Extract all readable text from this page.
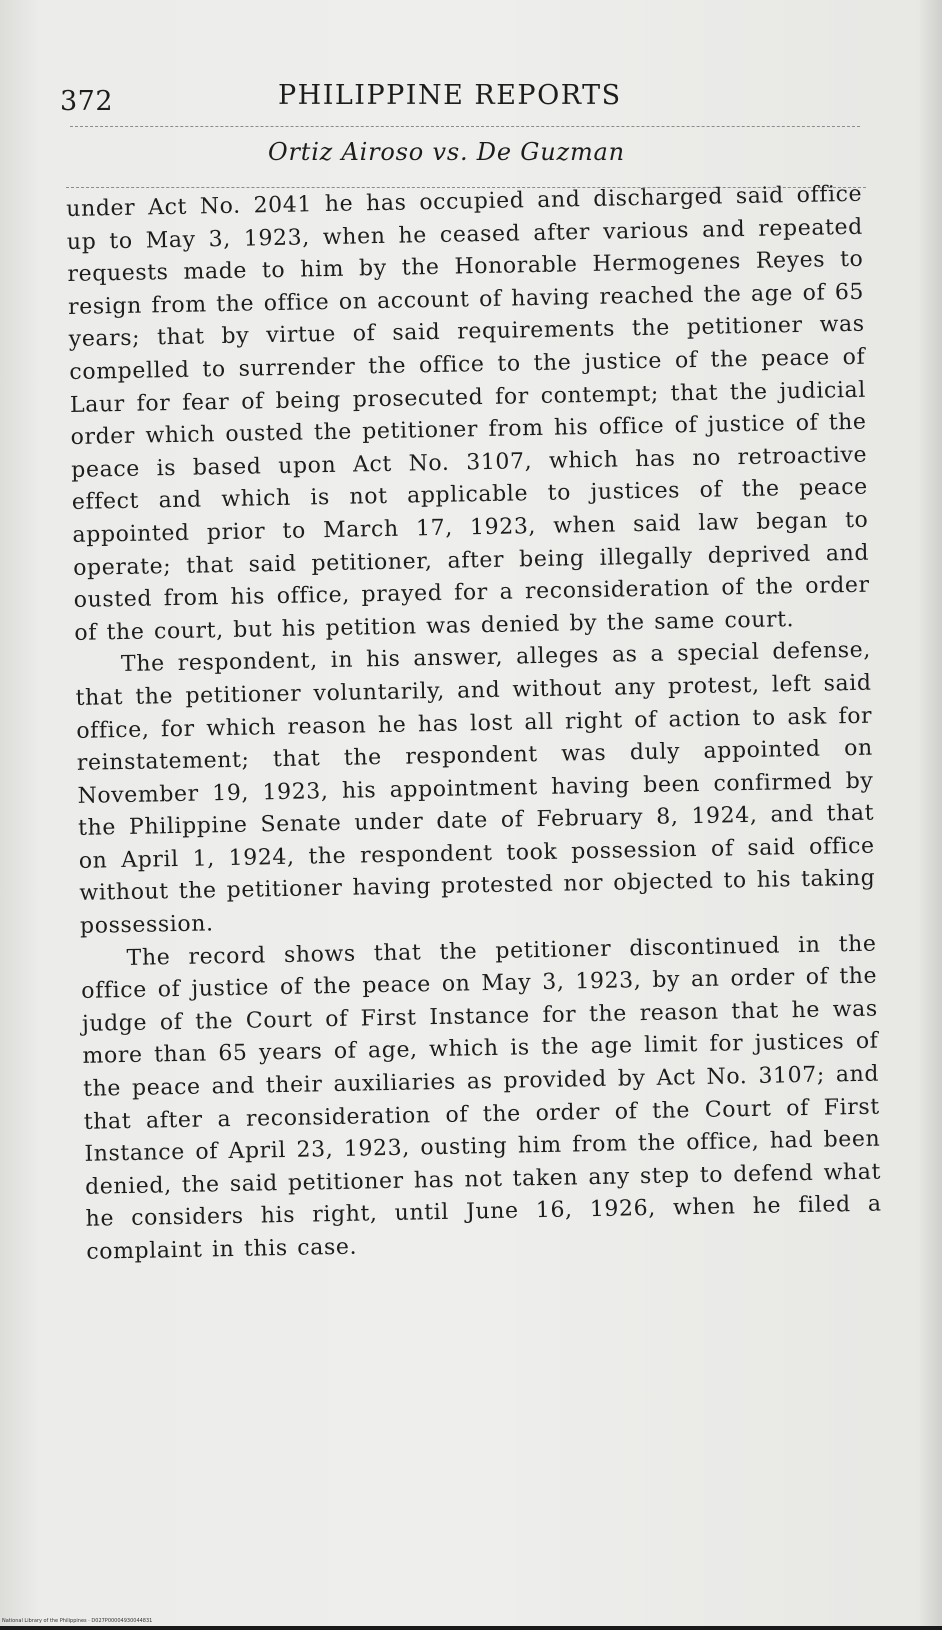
372	PHILIPPINE REPORTS
Ortiz Airoso vs. De Guzman

under Act No. 2041 he has occupied and discharged said office up to May 3, 1923, when he ceased after various and repeated requests made to him by the Honorable Hermogenes Reyes to resign from the office on account of having reached the age of 65 years; that by virtue of said requirements the petitioner was compelled to surrender the office to the justice of the peace of Laur for fear of being prosecuted for contempt; that the judicial order which ousted the petitioner from his office of justice of the peace is based upon Act No. 3107, which has no retroactive effect and which is not applicable to justices of the peace appointed prior to March 17, 1923, when said law began to operate; that said petitioner, after being illegally deprived and ousted from his office, prayed for a reconsideration of the order of the court, but his petition was denied by the same court.

The respondent, in his answer, alleges as a special defense, that the petitioner voluntarily, and without any protest, left said office, for which reason he has lost all right of action to ask for reinstatement; that the respondent was duly appointed on November 19, 1923, his appointment having been confirmed by the Philippine Senate under date of February 8, 1924, and that on April 1, 1924, the respondent took possession of said office without the petitioner having protested nor objected to his taking possession.

The record shows that the petitioner discontinued in the office of justice of the peace on May 3, 1923, by an order of the judge of the Court of First Instance for the reason that he was more than 65 years of age, which is the age limit for justices of the peace and their auxiliaries as provided by Act No. 3107; and that after a reconsideration of the order of the Court of First Instance of April 23, 1923, ousting him from the office, had been denied, the said petitioner has not taken any step to defend what he considers his right, until June 16, 1926, when he filed a complaint in this case.

National Library of the Philippines · D027P00004930044831
